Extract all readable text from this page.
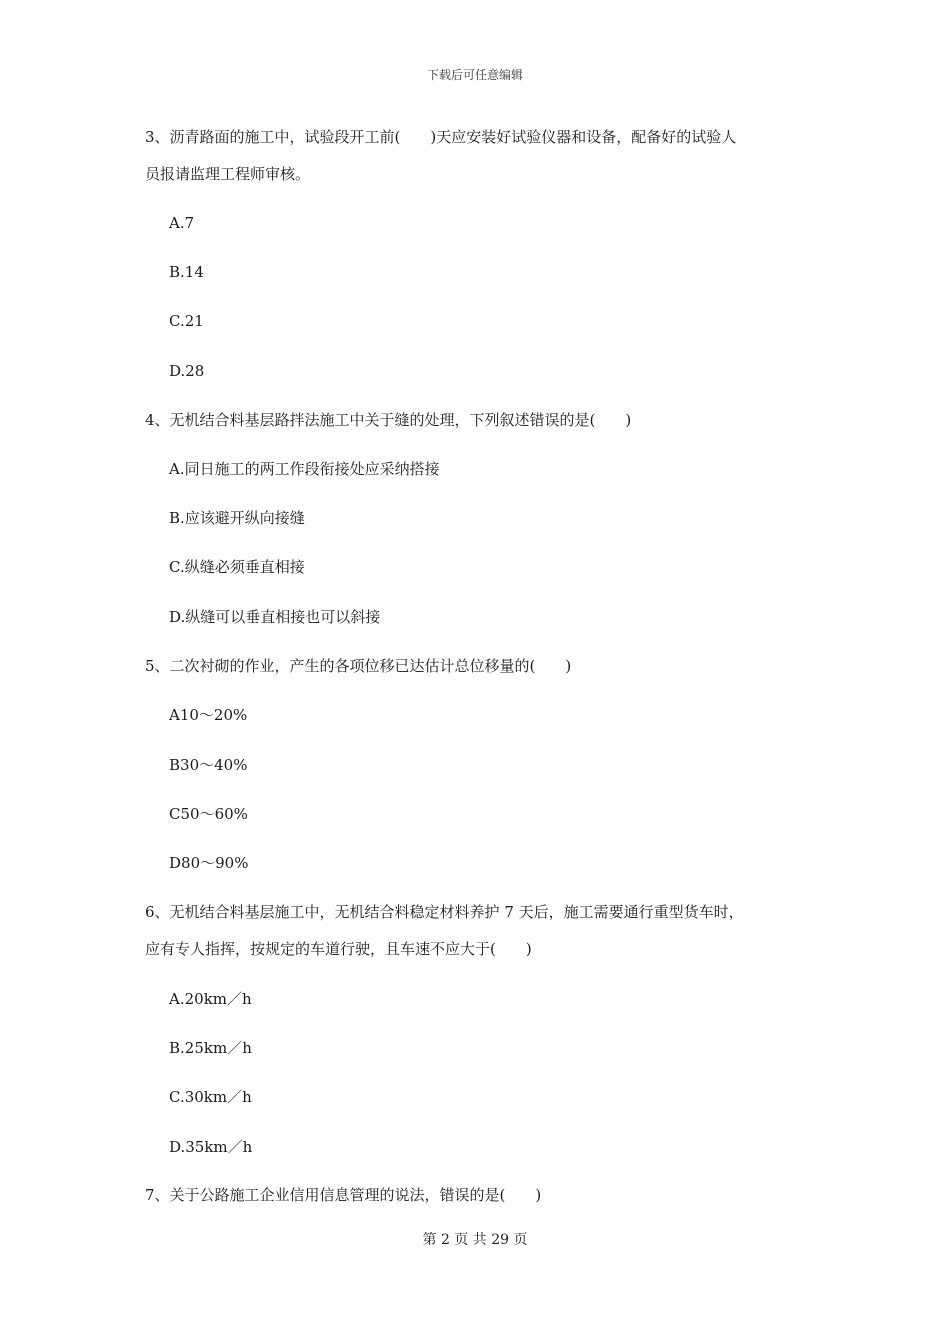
下载后可任意编辑
3、沥青路面的施工中，试验段开工前(　　)天应安装好试验仪器和设备，配备好的试验人
员报请监理工程师审核。
A.7
B.14
C.21
D.28
4、无机结合料基层路拌法施工中关于缝的处理，下列叙述错误的是(　　)
A.同日施工的两工作段衔接处应采纳搭接
B.应该避开纵向接缝
C.纵缝必须垂直相接
D.纵缝可以垂直相接也可以斜接
5、二次衬砌的作业，产生的各项位移已达估计总位移量的(　　)
A10～20%
B30～40%
C50～60%
D80～90%
6、无机结合料基层施工中，无机结合料稳定材料养护 7 天后，施工需要通行重型货车时，
应有专人指挥，按规定的车道行驶，且车速不应大于(　　)
A.20km／h
B.25km／h
C.30km／h
D.35km／h
7、关于公路施工企业信用信息管理的说法，错误的是(　　)
第 2 页 共 29 页
